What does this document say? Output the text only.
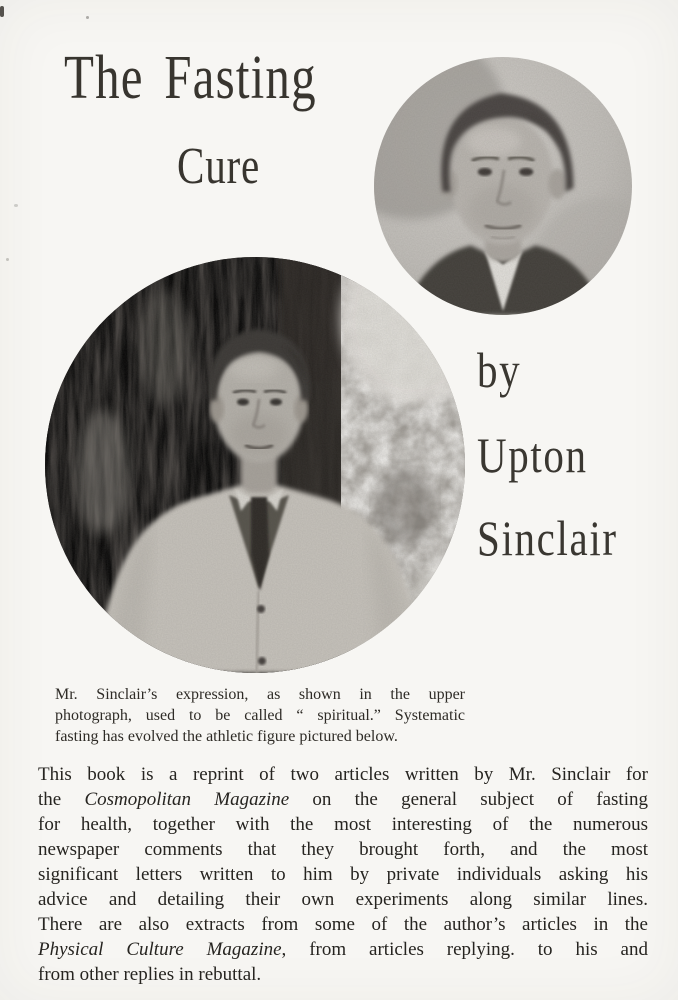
The Fasting
Cure
by
Upton
Sinclair
Mr. Sinclair’s expression, as shown in the upper
photograph, used to be called “ spiritual.” Systematic
fasting has evolved the athletic figure pictured below.
This book is a reprint of two articles written by Mr. Sinclair for
the Cosmopolitan Magazine on the general subject of fasting
for health, together with the most interesting of the numerous
newspaper comments that they brought forth, and the most
significant letters written to him by private individuals asking his
advice and detailing their own experiments along similar lines.
There are also extracts from some of the author’s articles in the
Physical Culture Magazine, from articles replying. to his and
from other replies in rebuttal.
